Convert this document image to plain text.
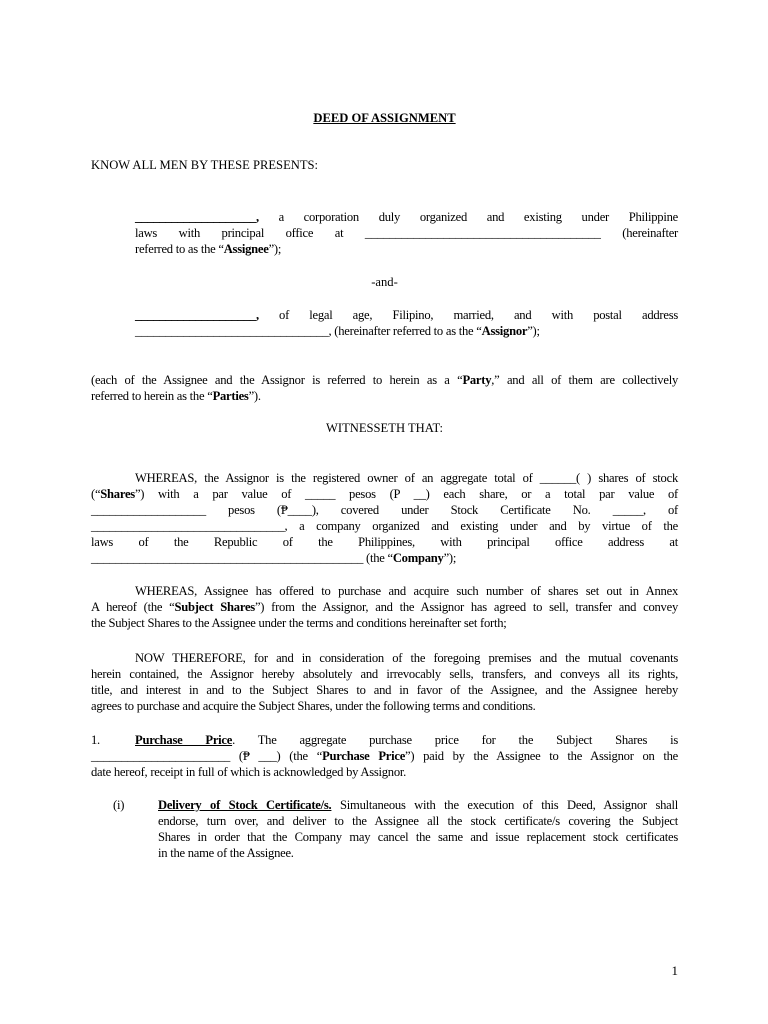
DEED OF ASSIGNMENT
KNOW ALL MEN BY THESE PRESENTS:
____________________, a corporation duly organized and existing under Philippine
laws with principal office at _______________________________________ (hereinafter
referred to as the “Assignee”);
-and-
____________________, of legal age, Filipino, married, and with postal address
________________________________, (hereinafter referred to as the “Assignor”);
(each of the Assignee and the Assignor is referred to herein as a “Party,” and all of them are collectively
referred to herein as the “Parties”).
WITNESSETH THAT:
WHEREAS, the Assignor is the registered owner of an aggregate total of ______( ) shares of stock
(“Shares”) with a par value of _____ pesos (P __) each share, or a total par value of
___________________ pesos (₱____), covered under Stock Certificate No. _____, of
________________________________, a company organized and existing under and by virtue of the
laws of the Republic of the Philippines, with principal office address at
_____________________________________________ (the “Company”);
WHEREAS, Assignee has offered to purchase and acquire such number of shares set out in Annex
A hereof (the “Subject Shares”) from the Assignor, and the Assignor has agreed to sell, transfer and convey
the Subject Shares to the Assignee under the terms and conditions hereinafter set forth;
NOW THEREFORE, for and in consideration of the foregoing premises and the mutual covenants
herein contained, the Assignor hereby absolutely and irrevocably sells, transfers, and conveys all its rights,
title, and interest in and to the Subject Shares to and in favor of the Assignee, and the Assignee hereby
agrees to purchase and acquire the Subject Shares, under the following terms and conditions.
1.	Purchase Price. The aggregate purchase price for the Subject Shares is
_______________________ (₱ ___) (the “Purchase Price”) paid by the Assignee to the Assignor on the
date hereof, receipt in full of which is acknowledged by Assignor.
(i)	Delivery of Stock Certificate/s. Simultaneous with the execution of this Deed, Assignor shall
endorse, turn over, and deliver to the Assignee all the stock certificate/s covering the Subject
Shares in order that the Company may cancel the same and issue replacement stock certificates
in the name of the Assignee.
1
